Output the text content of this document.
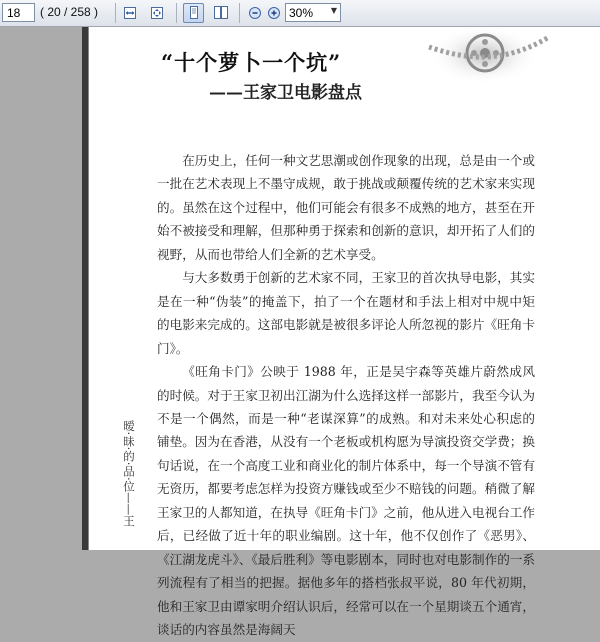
18	( 20 / 258 )	30% ▼
“十个萝卜一个坑”
——王家卫电影盘点
暧·昧·的·品·位——王

在历史上，任何一种文艺思潮或创作现象的出现，总是由一个或一批在艺术表现上不墨守成规，敢于挑战或颠覆传统的艺术家来实现的。虽然在这个过程中，他们可能会有很多不成熟的地方，甚至在开始不被接受和理解，但那种勇于探索和创新的意识，却开拓了人们的视野，从而也带给人们全新的艺术享受。

与大多数勇于创新的艺术家不同，王家卫的首次执导电影，其实是在一种“伪装”的掩盖下，拍了一个在题材和手法上相对中规中矩的电影来完成的。这部电影就是被很多评论人所忽视的影片《旺角卡门》。

《旺角卡门》公映于 1988 年，正是吴宇森等英雄片蔚然成风的时候。对于王家卫初出江湖为什么选择这样一部影片，我至今认为不是一个偶然，而是一种“老谋深算”的成熟。和对未来处心积虑的铺垫。因为在香港，从没有一个老板或机构愿为导演投资交学费；换句话说，在一个高度工业和商业化的制片体系中，每一个导演不管有无资历，都要考虑怎样为投资方赚钱或至少不赔钱的问题。稍微了解王家卫的人都知道，在执导《旺角卡门》之前，他从进入电视台工作后，已经做了近十年的职业编剧。这十年，他不仅创作了《恶男》、《江湖龙虎斗》、《最后胜利》等电影剧本，同时也对电影制作的一系列流程有了相当的把握。据他多年的搭档张叔平说，80 年代初期，他和王家卫由谭家明介绍认识后，经常可以在一个星期谈五个通宵，谈话的内容虽然是海阔天
